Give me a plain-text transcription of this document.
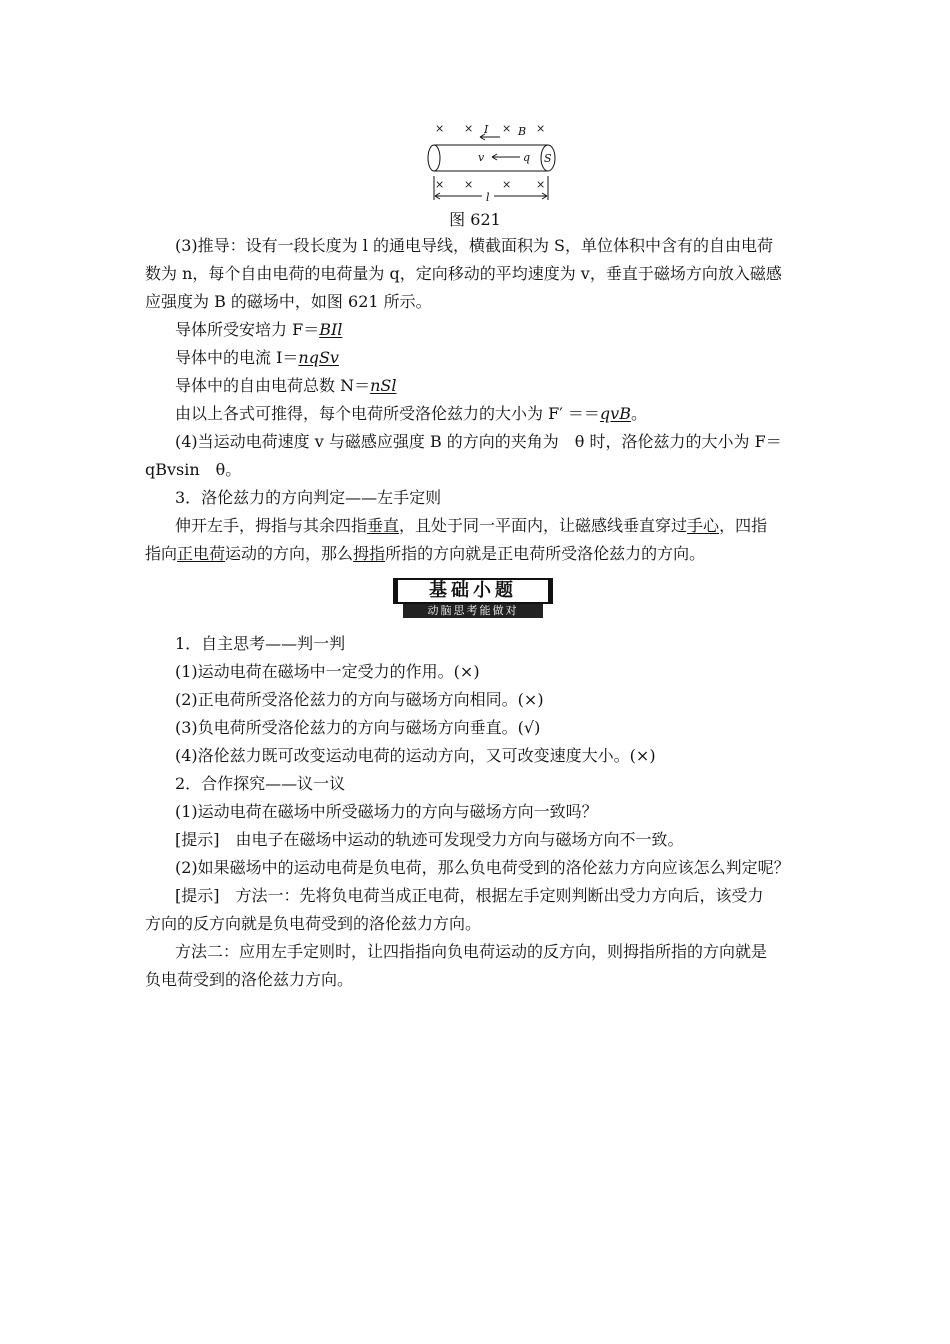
× × I × B ×
× ×	× ×
v	q S
l
图 621
(3)推导：设有一段长度为 l 的通电导线，横截面积为 S，单位体积中含有的自由电荷
数为 n，每个自由电荷的电荷量为 q，定向移动的平均速度为 v，垂直于磁场方向放入磁感
应强度为 B 的磁场中，如图 621 所示。
导体所受安培力 F＝BIl
导体中的电流 I＝nqSv
导体中的自由电荷总数 N＝nSl
由以上各式可推得，每个电荷所受洛伦兹力的大小为 F′ ＝＝qvB。
(4)当运动电荷速度 v 与磁感应强度 B 的方向的夹角为　θ 时，洛伦兹力的大小为 F＝
qBvsin　θ。
3．洛伦兹力的方向判定——左手定则
伸开左手，拇指与其余四指垂直，且处于同一平面内，让磁感线垂直穿过手心，四指
指向正电荷运动的方向，那么拇指所指的方向就是正电荷所受洛伦兹力的方向。
基础小题
动脑思考能做对
1．自主思考——判一判
(1)运动电荷在磁场中一定受力的作用。(×)
(2)正电荷所受洛伦兹力的方向与磁场方向相同。(×)
(3)负电荷所受洛伦兹力的方向与磁场方向垂直。(√)
(4)洛伦兹力既可改变运动电荷的运动方向，又可改变速度大小。(×)
2．合作探究——议一议
(1)运动电荷在磁场中所受磁场力的方向与磁场方向一致吗？
[提示]　由电子在磁场中运动的轨迹可发现受力方向与磁场方向不一致。
(2)如果磁场中的运动电荷是负电荷，那么负电荷受到的洛伦兹力方向应该怎么判定呢？
[提示]　方法一：先将负电荷当成正电荷，根据左手定则判断出受力方向后，该受力
方向的反方向就是负电荷受到的洛伦兹力方向。
方法二：应用左手定则时，让四指指向负电荷运动的反方向，则拇指所指的方向就是
负电荷受到的洛伦兹力方向。
